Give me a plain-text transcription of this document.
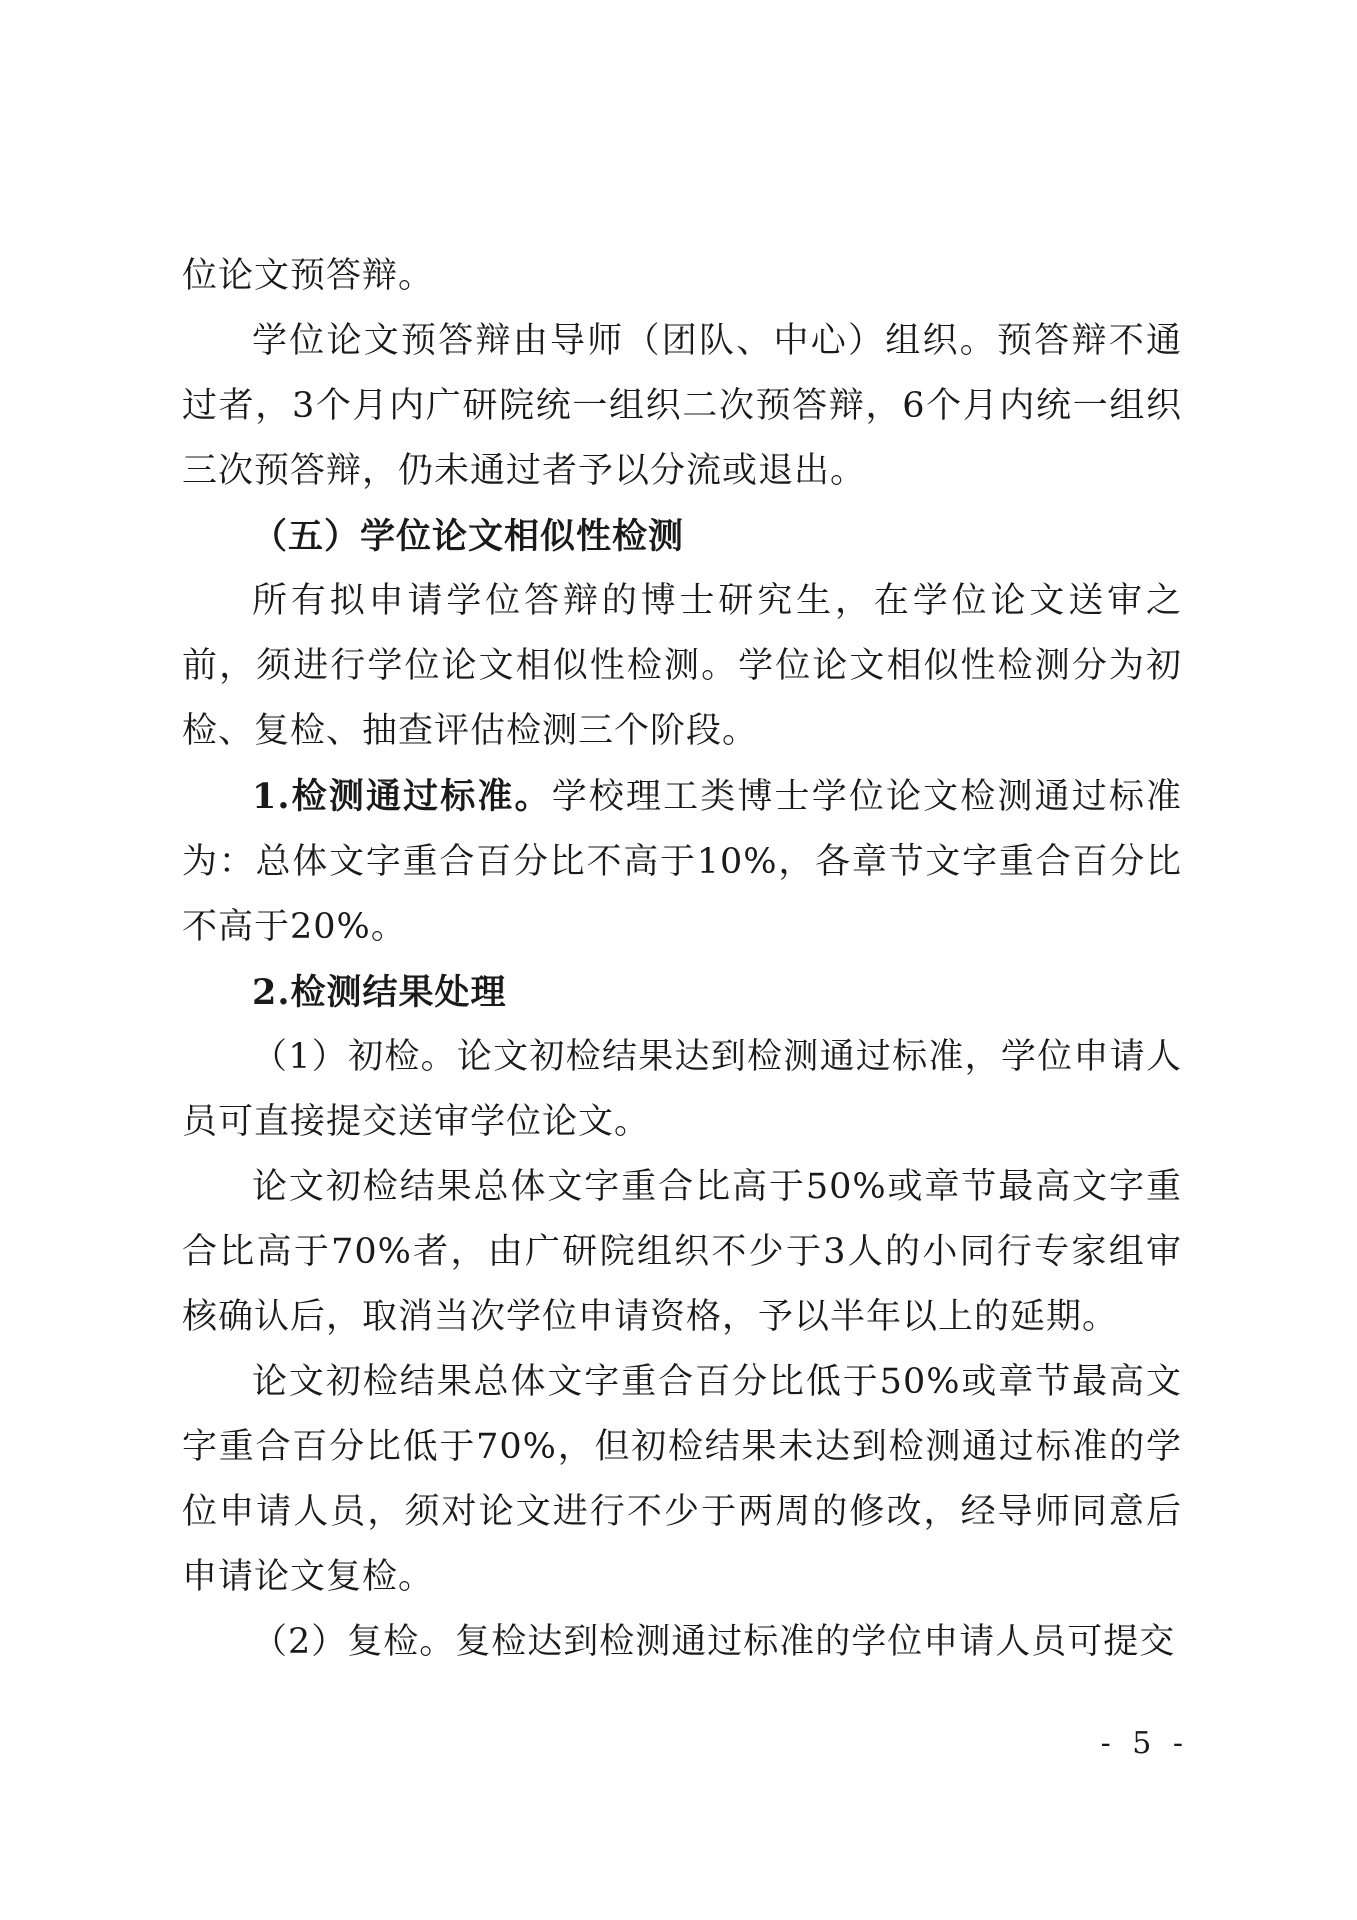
位论文预答辩。

学位论文预答辩由导师（团队、中心）组织。预答辩不通过者，3个月内广研院统一组织二次预答辩，6个月内统一组织三次预答辩，仍未通过者予以分流或退出。

（五）学位论文相似性检测

所有拟申请学位答辩的博士研究生，在学位论文送审之前，须进行学位论文相似性检测。学位论文相似性检测分为初检、复检、抽查评估检测三个阶段。

1.检测通过标准。学校理工类博士学位论文检测通过标准为：总体文字重合百分比不高于10%，各章节文字重合百分比不高于20%。

2.检测结果处理

（1）初检。论文初检结果达到检测通过标准，学位申请人员可直接提交送审学位论文。

论文初检结果总体文字重合比高于50%或章节最高文字重合比高于70%者，由广研院组织不少于3人的小同行专家组审核确认后，取消当次学位申请资格，予以半年以上的延期。

论文初检结果总体文字重合百分比低于50%或章节最高文字重合百分比低于70%，但初检结果未达到检测通过标准的学位申请人员，须对论文进行不少于两周的修改，经导师同意后申请论文复检。

（2）复检。复检达到检测通过标准的学位申请人员可提交

- 5 -
